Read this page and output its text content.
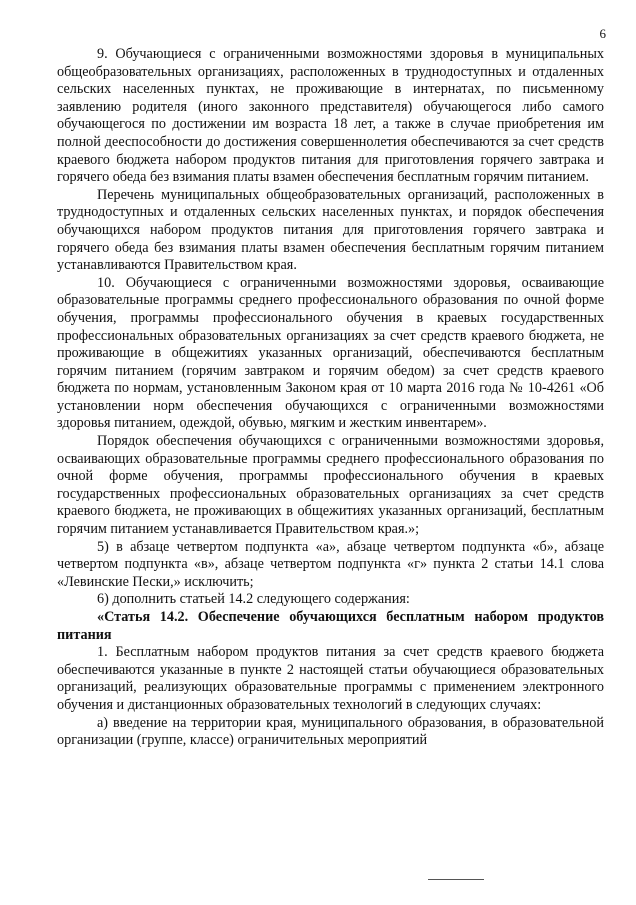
6

9. Обучающиеся с ограниченными возможностями здоровья в муниципальных общеобразовательных организациях, расположенных в труднодоступных и отдаленных сельских населенных пунктах, не проживающие в интернатах, по письменному заявлению родителя (иного законного представителя) обучающегося либо самого обучающегося по достижении им возраста 18 лет, а также в случае приобретения им полной дееспособности до достижения совершеннолетия обеспечиваются за счет средств краевого бюджета набором продуктов питания для приготовления горячего завтрака и горячего обеда без взимания платы взамен обеспечения бесплатным горячим питанием.

Перечень муниципальных общеобразовательных организаций, расположенных в труднодоступных и отдаленных сельских населенных пунктах, и порядок обеспечения обучающихся набором продуктов питания для приготовления горячего завтрака и горячего обеда без взимания платы взамен обеспечения бесплатным горячим питанием устанавливаются Правительством края.

10. Обучающиеся с ограниченными возможностями здоровья, осваивающие образовательные программы среднего профессионального образования по очной форме обучения, программы профессионального обучения в краевых государственных профессиональных образовательных организациях за счет средств краевого бюджета, не проживающие в общежитиях указанных организаций, обеспечиваются бесплатным горячим питанием (горячим завтраком и горячим обедом) за счет средств краевого бюджета по нормам, установленным Законом края от 10 марта 2016 года № 10-4261 «Об установлении норм обеспечения обучающихся с ограниченными возможностями здоровья питанием, одеждой, обувью, мягким и жестким инвентарем».

Порядок обеспечения обучающихся с ограниченными возможностями здоровья, осваивающих образовательные программы среднего профессионального образования по очной форме обучения, программы профессионального обучения в краевых государственных профессиональных образовательных организациях за счет средств краевого бюджета, не проживающих в общежитиях указанных организаций, бесплатным горячим питанием устанавливается Правительством края.»;

5) в абзаце четвертом подпункта «а», абзаце четвертом подпункта «б», абзаце четвертом подпункта «в», абзаце четвертом подпункта «г» пункта 2 статьи 14.1 слова «Левинские Пески,» исключить;

6) дополнить статьей 14.2 следующего содержания:

«Статья 14.2. Обеспечение обучающихся бесплатным набором продуктов питания

1. Бесплатным набором продуктов питания за счет средств краевого бюджета обеспечиваются указанные в пункте 2 настоящей статьи обучающиеся образовательных организаций, реализующих образовательные программы с применением электронного обучения и дистанционных образовательных технологий в следующих случаях:

а) введение на территории края, муниципального образования, в образовательной организации (группе, классе) ограничительных мероприятий
